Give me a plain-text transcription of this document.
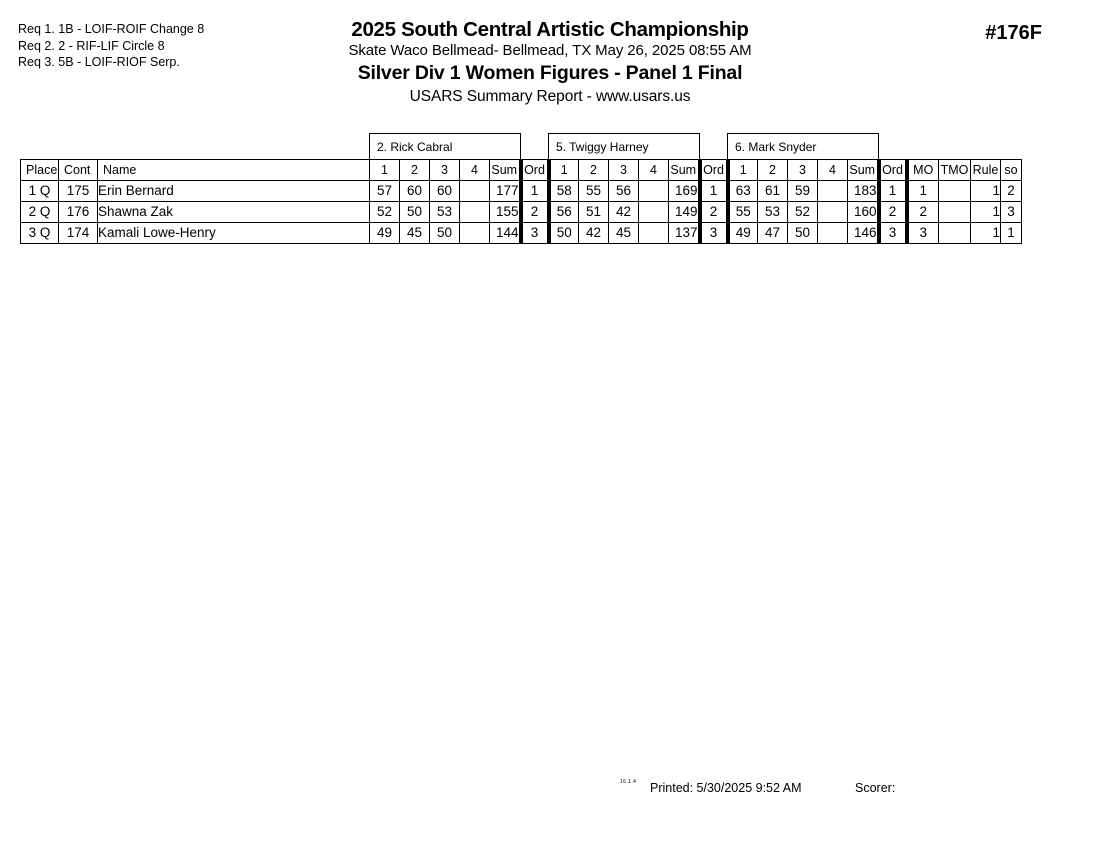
Req 1. 1B - LOIF-ROIF Change 8
Req 2. 2 - RIF-LIF Circle 8
Req 3. 5B - LOIF-RIOF Serp.
2025 South Central Artistic Championship
Skate Waco Bellmead- Bellmead, TX May 26, 2025 08:55 AM
Silver Div 1 Women Figures - Panel 1 Final
USARS Summary Report - www.usars.us
#176F
			2. Rick Cabral						5. Twiggy Harney						6. Mark Snyder									
Place	Cont	Name	1	2	3	4	Sum	Ord	1	2	3	4	Sum	Ord	1	2	3	4	Sum	Ord	MO	TMO	Rule	so
1 Q	175	Erin Bernard	57	60	60		177	1	58	55	56		169	1	63	61	59		183	1	1		1	2
2 Q	176	Shawna Zak	52	50	53		155	2	56	51	42		149	2	55	53	52		160	2	2		1	3
3 Q	174	Kamali Lowe-Henry	49	45	50		144	3	50	42	45		137	3	49	47	50		146	3	3		1	1
16.1.4 Printed: 5/30/2025 9:52 AM	Scorer:
